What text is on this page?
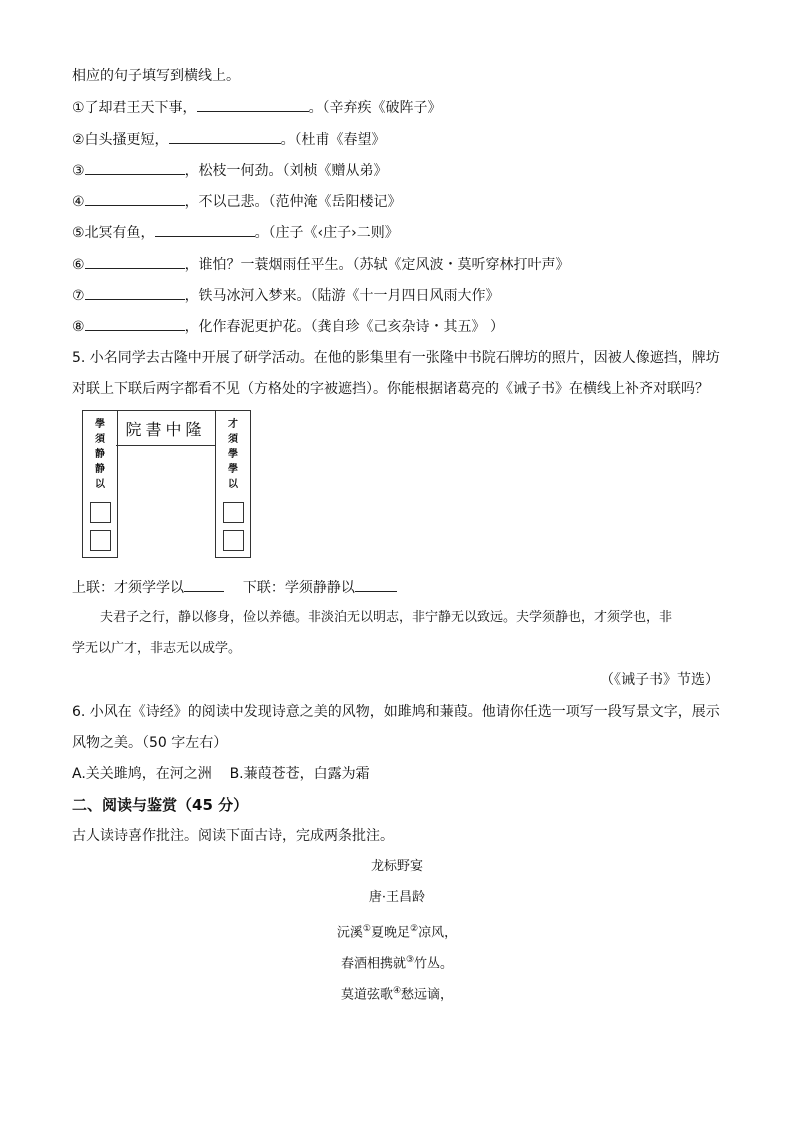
相应的句子填写到横线上。
①了却君王天下事，	。（辛弃疾《破阵子》
②白头搔更短，	。（杜甫《春望》
③	，松枝一何劲。（刘桢《赠从弟》
④	，不以己悲。（范仲淹《岳阳楼记》
⑤北冥有鱼，	。（庄子《‹庄子›二则》
⑥	，谁怕？一蓑烟雨任平生。（苏轼《定风波・莫听穿林打叶声》
⑦	，铁马冰河入梦来。（陆游《十一月四日风雨大作》
⑧	，化作春泥更护花。（龚自珍《己亥杂诗・其五》 ）
5. 小名同学去古隆中开展了研学活动。在他的影集里有一张隆中书院石牌坊的照片，因被人像遮挡，牌坊
对联上下联后两字都看不见（方格处的字被遮挡）。你能根据诸葛亮的《诫子书》在横线上补齐对联吗？
學
須
静
静
以
院書中隆	才
須
學
學
以
上联：才须学学以	下联：学须静静以
夫君子之行，静以修身，俭以养德。非淡泊无以明志，非宁静无以致远。夫学须静也，才须学也，非
学无以广才，非志无以成学。
（《诫子书》节选）
6. 小风在《诗经》的阅读中发现诗意之美的风物，如雎鸠和蒹葭。他请你任选一项写一段写景文字，展示
风物之美。（50 字左右）
A.关关雎鸠，在河之洲    B.蒹葭苍苍，白露为霜
二、阅读与鉴赏（45 分）
古人读诗喜作批注。阅读下面古诗，完成两条批注。
龙标野宴
唐·王昌龄
沅溪①夏晚足②凉风，
春酒相携就③竹丛。
莫道弦歌④愁远谪，
